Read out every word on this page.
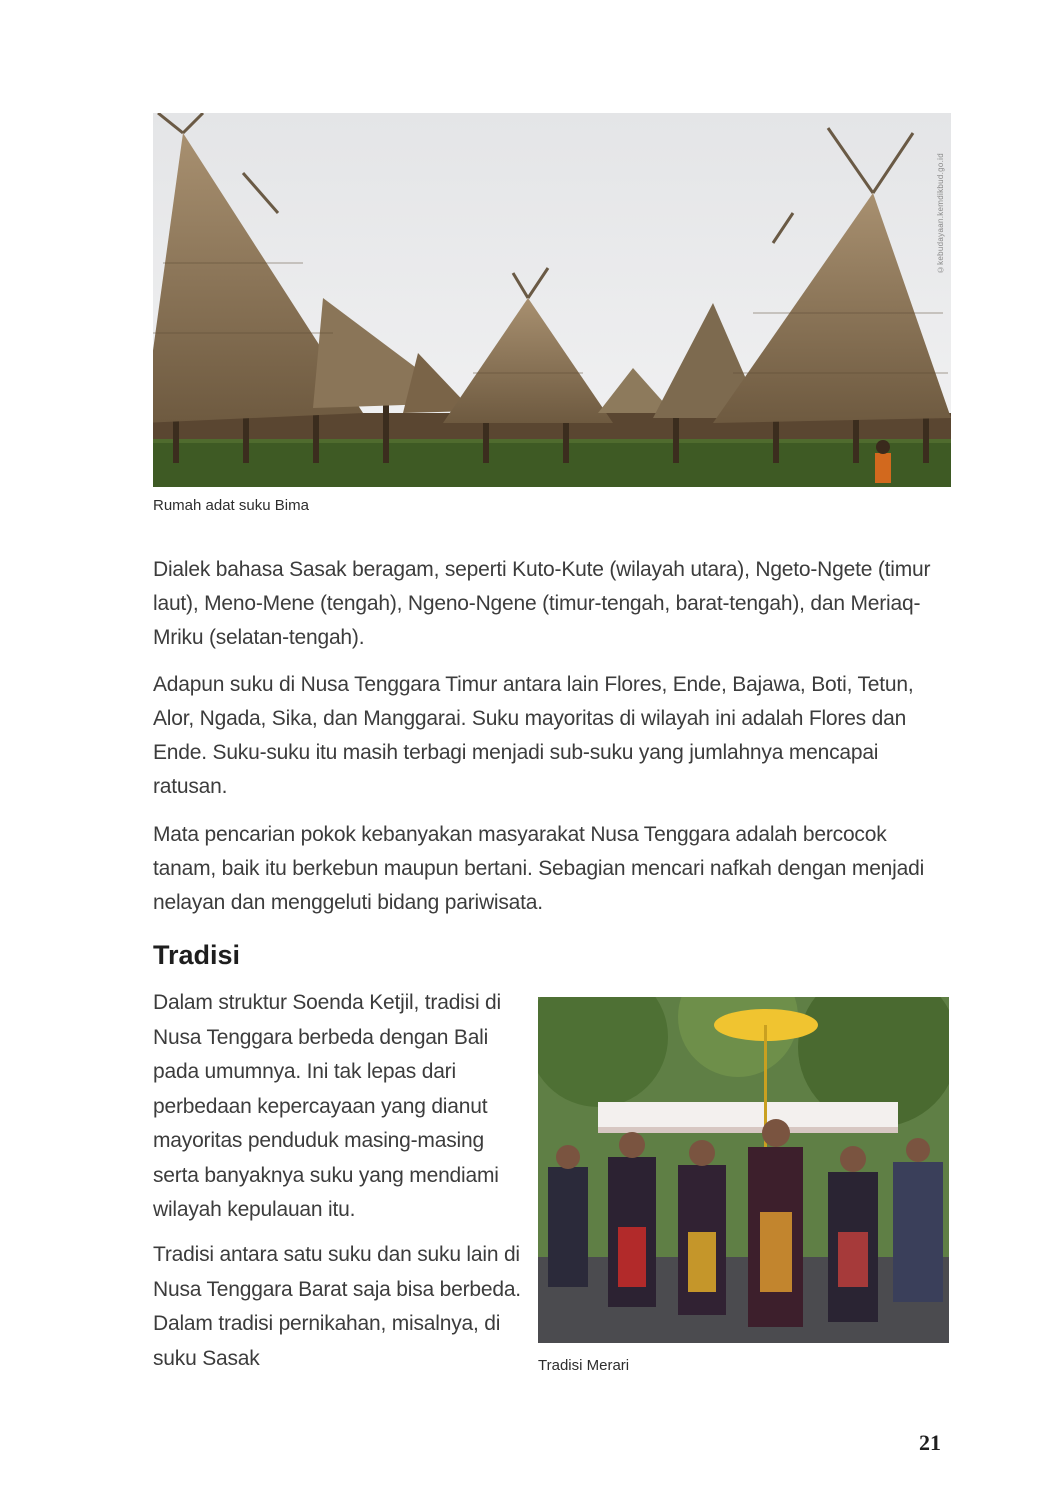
©kebudayaan.kemdikbud.go.id
Rumah adat suku Bima

Dialek bahasa Sasak beragam, seperti Kuto-Kute (wilayah utara), Ngeto-Ngete (timur laut), Meno-Mene (tengah), Ngeno-Ngene (timur-tengah, barat-tengah), dan Meriaq-Mriku (selatan-tengah).

Adapun suku di Nusa Tenggara Timur antara lain Flores, Ende, Bajawa, Boti, Tetun, Alor, Ngada, Sika, dan Manggarai. Suku mayoritas di wilayah ini adalah Flores dan Ende. Suku-suku itu masih terbagi menjadi sub-suku yang jumlahnya mencapai ratusan.

Mata pencarian pokok kebanyakan masyarakat Nusa Tenggara adalah bercocok tanam, baik itu berkebun maupun bertani. Sebagian mencari nafkah dengan menjadi nelayan dan menggeluti bidang pariwisata.

Tradisi

Dalam struktur Soenda Ketjil, tradisi di Nusa Tenggara berbeda dengan Bali pada umumnya. Ini tak lepas dari perbedaan kepercayaan yang dianut mayoritas penduduk masing-masing serta banyaknya suku yang mendiami wilayah kepulauan itu.

Tradisi antara satu suku dan suku lain di Nusa Tenggara Barat saja bisa berbeda. Dalam tradisi pernikahan, misalnya, di suku Sasak	Tradisi Merari
21
